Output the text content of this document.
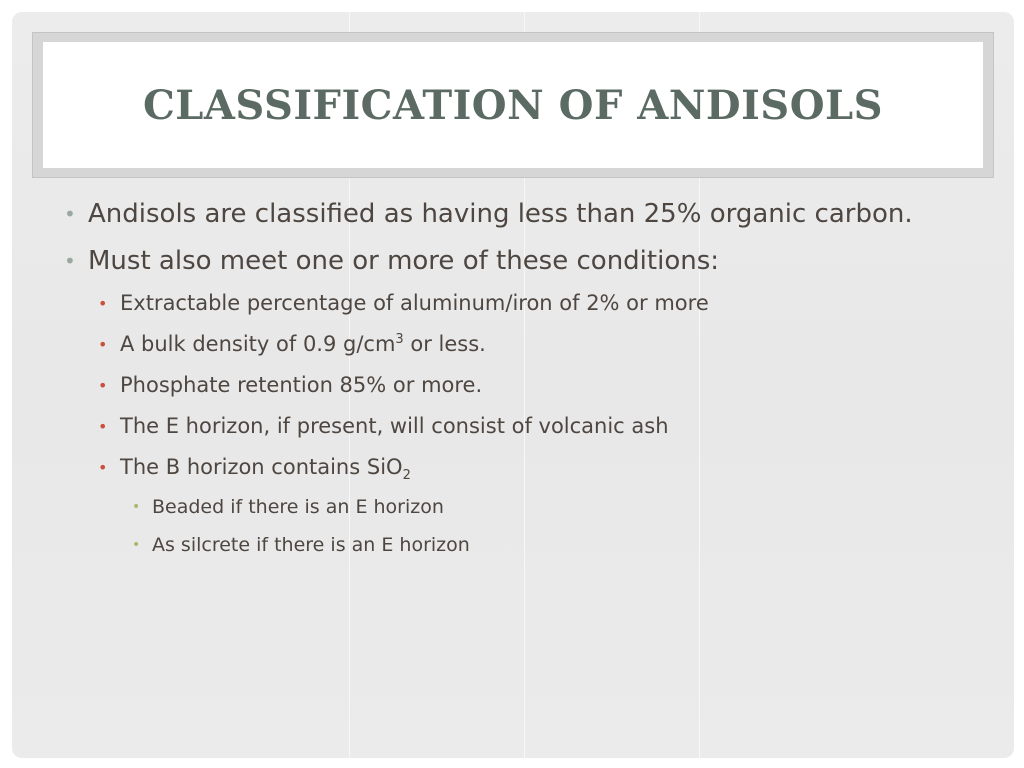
CLASSIFICATION OF ANDISOLS

• Andisols are classified as having less than 25% organic carbon.

• Must also meet one or more of these conditions:

• Extractable percentage of aluminum/iron of 2% or more

• A bulk density of 0.9 $g/cm^3$ or less.

• Phosphate retention 85% or more.

• The E horizon, if present, will consist of volcanic ash

• The B horizon contains SiO$_2$

• Beaded if there is an E horizon

• As silcrete if there is an E horizon
